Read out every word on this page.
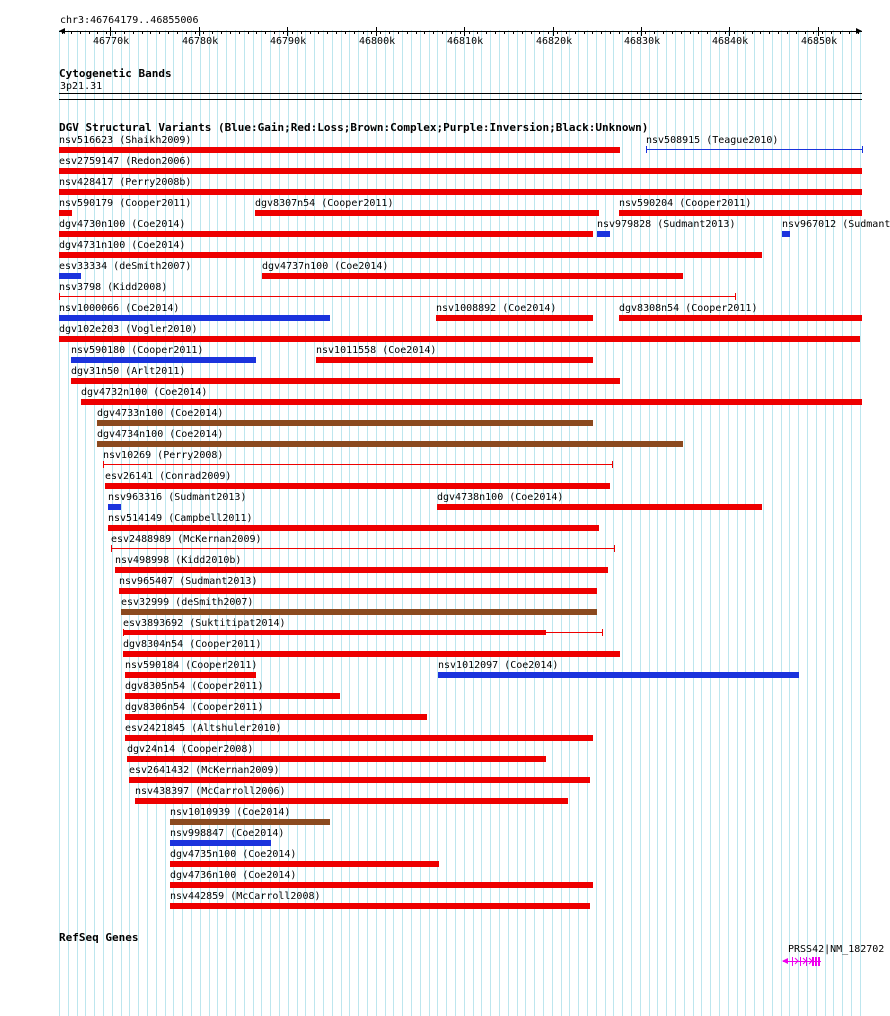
chr3:46764179..46855006
46770k	46780k	46790k	46800k	46810k	46820k	46830k	46840k	46850k
Cytogenetic Bands
3p21.31
DGV Structural Variants (Blue:Gain;Red:Loss;Brown:Complex;Purple:Inversion;Black:Unknown)
nsv516623 (Shaikh2009)	nsv508915 (Teague2010)
esv2759147 (Redon2006)
nsv428417 (Perry2008b)
nsv590179 (Cooper2011)	dgv8307n54 (Cooper2011)	nsv590204 (Cooper2011)
dgv4730n100 (Coe2014)	nsv979828 (Sudmant2013)	nsv967012 (Sudmant
dgv4731n100 (Coe2014)
esv33334 (deSmith2007)	dgv4737n100 (Coe2014)
nsv3798 (Kidd2008)
nsv1000066 (Coe2014)	nsv1008892 (Coe2014)	dgv8308n54 (Cooper2011)
dgv102e203 (Vogler2010)
nsv590180 (Cooper2011)	nsv1011558 (Coe2014)
dgv31n50 (Arlt2011)
dgv4732n100 (Coe2014)
dgv4733n100 (Coe2014)
dgv4734n100 (Coe2014)
nsv10269 (Perry2008)
esv26141 (Conrad2009)
nsv963316 (Sudmant2013)	dgv4738n100 (Coe2014)
nsv514149 (Campbell2011)
esv2488989 (McKernan2009)
nsv498998 (Kidd2010b)
nsv965407 (Sudmant2013)
esv32999 (deSmith2007)
esv3893692 (Suktitipat2014)
dgv8304n54 (Cooper2011)
nsv590184 (Cooper2011)	nsv1012097 (Coe2014)
dgv8305n54 (Cooper2011)
dgv8306n54 (Cooper2011)
esv2421845 (Altshuler2010)
dgv24n14 (Cooper2008)
esv2641432 (McKernan2009)
nsv438397 (McCarroll2006)
nsv1010939 (Coe2014)
nsv998847 (Coe2014)
dgv4735n100 (Coe2014)
dgv4736n100 (Coe2014)
nsv442859 (McCarroll2008)
RefSeq Genes
PRSS42|NM_182702
